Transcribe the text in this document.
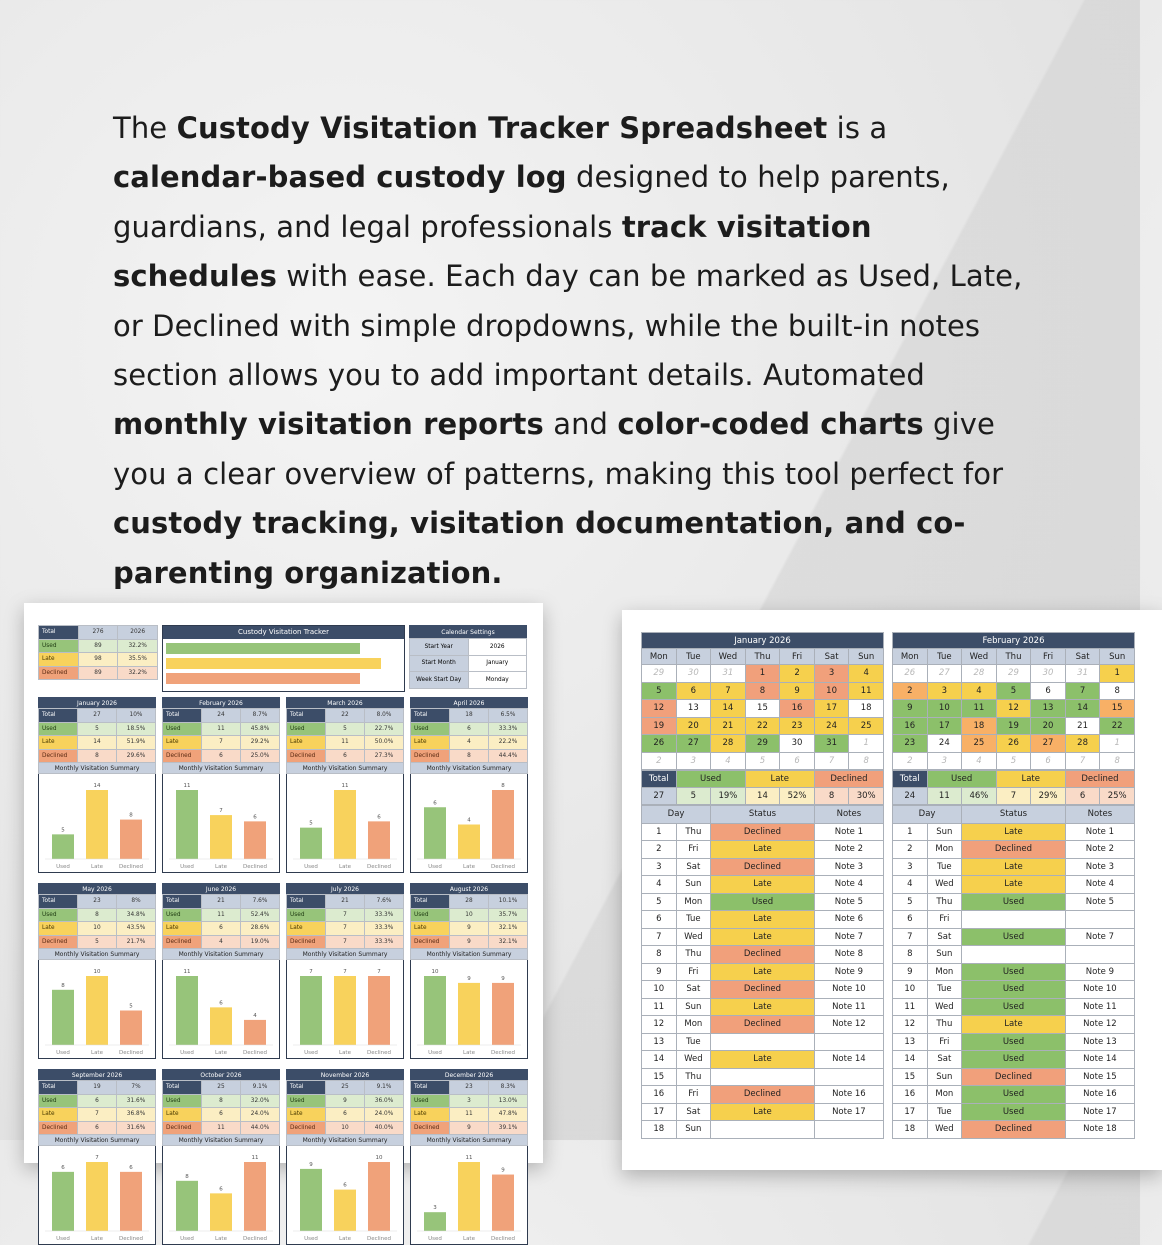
The Custody Visitation Tracker Spreadsheet is a calendar-based custody log designed to help parents, guardians, and legal professionals track visitation schedules with ease. Each day can be marked as Used, Late, or Declined with simple dropdowns, while the built-in notes section allows you to add important details. Automated monthly visitation reports and color-coded charts give you a clear overview of patterns, making this tool perfect for custody tracking, visitation documentation, and co-parenting organization.
Total	276	2026
Used	89	32.2%
Late	98	35.5%
Declined	89	32.2%
Custody Visitation Tracker	Calendar Settings
Start Year	2026
Start Month	January
Week Start Day	Monday
January 2026
Total	27	10%
Used	5	18.5%
Late	14	51.9%
Declined	8	29.6%
Monthly Visitation Summary
5
Used
14
Late
8
Declined
February 2026
Total	24	8.7%
Used	11	45.8%
Late	7	29.2%
Declined	6	25.0%
Monthly Visitation Summary
11
Used
7
Late
6
Declined
March 2026
Total	22	8.0%
Used	5	22.7%
Late	11	50.0%
Declined	6	27.3%
Monthly Visitation Summary
5
Used
11
Late
6
Declined
April 2026
Total	18	6.5%
Used	6	33.3%
Late	4	22.2%
Declined	8	44.4%
Monthly Visitation Summary
6
Used
4
Late
8
Declined
May 2026
Total	23	8%
Used	8	34.8%
Late	10	43.5%
Declined	5	21.7%
Monthly Visitation Summary
8
Used
10
Late
5
Declined
June 2026
Total	21	7.6%
Used	11	52.4%
Late	6	28.6%
Declined	4	19.0%
Monthly Visitation Summary
11
Used
6
Late
4
Declined
July 2026
Total	21	7.6%
Used	7	33.3%
Late	7	33.3%
Declined	7	33.3%
Monthly Visitation Summary
7
Used
7
Late
7
Declined
August 2026
Total	28	10.1%
Used	10	35.7%
Late	9	32.1%
Declined	9	32.1%
Monthly Visitation Summary
10
Used
9
Late
9
Declined
September 2026
Total	19	7%
Used	6	31.6%
Late	7	36.8%
Declined	6	31.6%
Monthly Visitation Summary
6
Used
7
Late
6
Declined
October 2026
Total	25	9.1%
Used	8	32.0%
Late	6	24.0%
Declined	11	44.0%
Monthly Visitation Summary
8
Used
6
Late
11
Declined
November 2026
Total	25	9.1%
Used	9	36.0%
Late	6	24.0%
Declined	10	40.0%
Monthly Visitation Summary
9
Used
6
Late
10
Declined
December 2026
Total	23	8.3%
Used	3	13.0%
Late	11	47.8%
Declined	9	39.1%
Monthly Visitation Summary
3
Used
11
Late
9
Declined
January 2026						
Mon	Tue	Wed	Thu	Fri	Sat	Sun
29	30	31	1	2	3	4
5	6	7	8	9	10	11
12	13	14	15	16	17	18
19	20	21	22	23	24	25
26	27	28	29	30	31	1
2	3	4	5	6	7	8
Total	Used		Late		Declined	
27	5	19%	14	52%	8	30%
Day		Status	Notes
1	Thu	Declined	Note 1
2	Fri	Late	Note 2
3	Sat	Declined	Note 3
4	Sun	Late	Note 4
5	Mon	Used	Note 5
6	Tue	Late	Note 6
7	Wed	Late	Note 7
8	Thu	Declined	Note 8
9	Fri	Late	Note 9
10	Sat	Declined	Note 10
11	Sun	Late	Note 11
12	Mon	Declined	Note 12
13	Tue		
14	Wed	Late	Note 14
15	Thu		
16	Fri	Declined	Note 16
17	Sat	Late	Note 17
18	Sun		
February 2026						
Mon	Tue	Wed	Thu	Fri	Sat	Sun
26	27	28	29	30	31	1
2	3	4	5	6	7	8
9	10	11	12	13	14	15
16	17	18	19	20	21	22
23	24	25	26	27	28	1
2	3	4	5	6	7	8
Total	Used		Late		Declined	
24	11	46%	7	29%	6	25%
Day		Status	Notes
1	Sun	Late	Note 1
2	Mon	Declined	Note 2
3	Tue	Late	Note 3
4	Wed	Late	Note 4
5	Thu	Used	Note 5
6	Fri		
7	Sat	Used	Note 7
8	Sun		
9	Mon	Used	Note 9
10	Tue	Used	Note 10
11	Wed	Used	Note 11
12	Thu	Late	Note 12
13	Fri	Used	Note 13
14	Sat	Used	Note 14
15	Sun	Declined	Note 15
16	Mon	Used	Note 16
17	Tue	Used	Note 17
18	Wed	Declined	Note 18
